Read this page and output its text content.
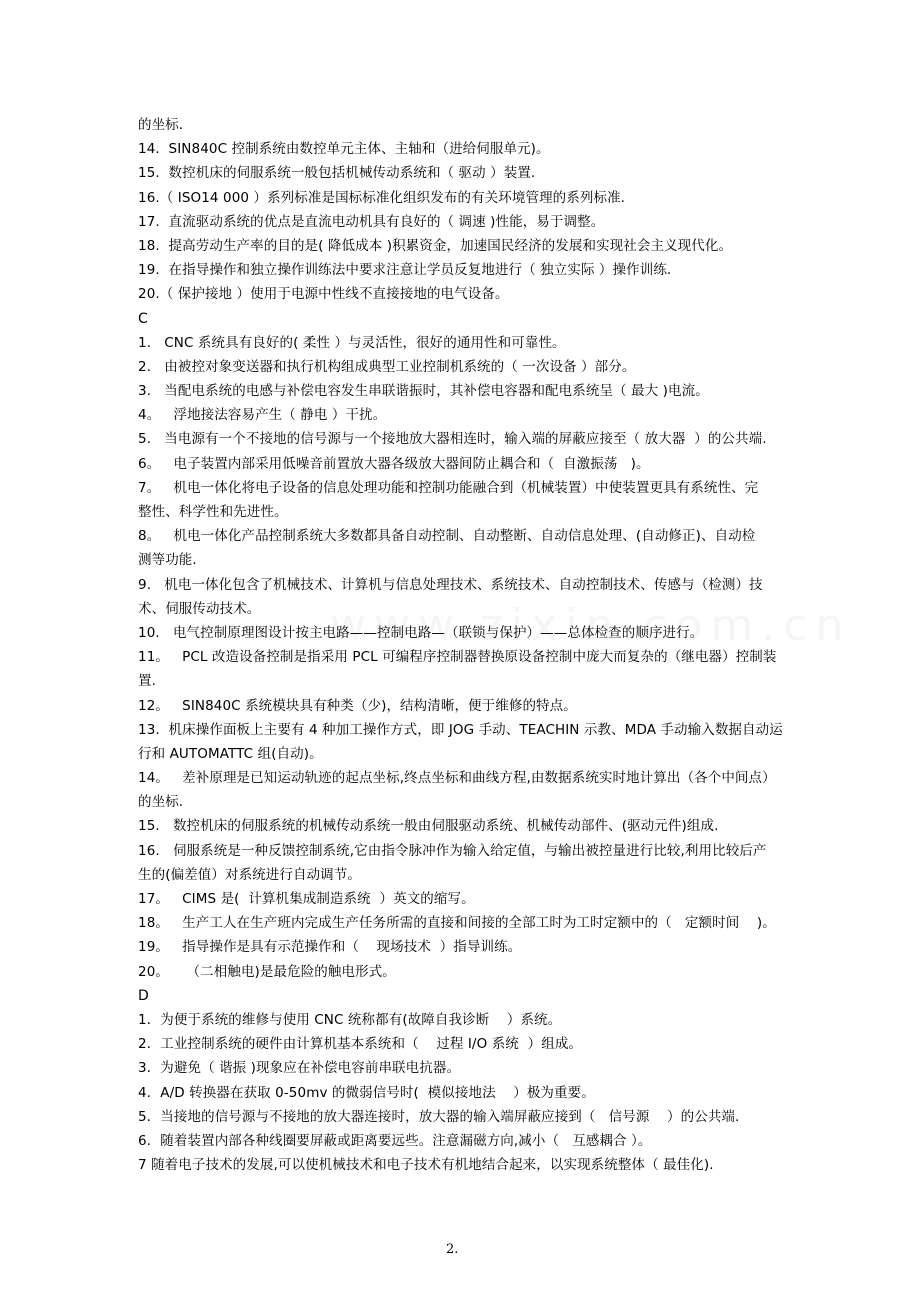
的坐标.
14.  SIN840C 控制系统由数控单元主体、主轴和（进给伺服单元)。
15.  数控机床的伺服系统一般包括机械传动系统和（ 驱动 ）装置.
16.（ ISO14 000 ）系列标准是国标标准化组织发布的有关环境管理的系列标准.
17.  直流驱动系统的优点是直流电动机具有良好的（ 调速 )性能，易于调整。
18.  提高劳动生产率的目的是( 降低成本 )积累资金，加速国民经济的发展和实现社会主义现代化。
19.  在指导操作和独立操作训练法中要求注意让学员反复地进行（ 独立实际 ）操作训练.
20.（ 保护接地 ）使用于电源中性线不直接接地的电气设备。
C
1.   CNC 系统具有良好的( 柔性 ）与灵活性，很好的通用性和可靠性。
2.   由被控对象变送器和执行机构组成典型工业控制机系统的（ 一次设备 ）部分。
3.   当配电系统的电感与补偿电容发生串联谐振时，其补偿电容器和配电系统呈（ 最大 )电流。
4。   浮地接法容易产生（ 静电 ）干扰。
5.   当电源有一个不接地的信号源与一个接地放大器相连时，输入端的屏蔽应接至（ 放大器  ）的公共端.
6。   电子装置内部采用低噪音前置放大器各级放大器间防止耦合和（  自激振荡   )。
7。   机电一体化将电子设备的信息处理功能和控制功能融合到（机械装置）中使装置更具有系统性、完
整性、科学性和先进性。
8。   机电一体化产品控制系统大多数都具备自动控制、自动整断、自动信息处理、(自动修正)、自动检
测等功能.
9.   机电一体化包含了机械技术、计算机与信息处理技术、系统技术、自动控制技术、传感与（检测）技
术、伺服传动技术。
10.   电气控制原理图设计按主电路——控制电路—（联锁与保护）——总体检查的顺序进行。
11。   PCL 改造设备控制是指采用 PCL 可编程序控制器替换原设备控制中庞大而复杂的（继电器）控制装
置.
12。   SIN840C 系统模块具有种类（少)，结构清晰，便于维修的特点。
13.  机床操作面板上主要有 4 种加工操作方式，即 JOG 手动、TEACHIN 示教、MDA 手动输入数据自动运
行和 AUTOMATTC 组(自动)。
14。   差补原理是已知运动轨迹的起点坐标,终点坐标和曲线方程,由数据系统实时地计算出（各个中间点）
的坐标.
15.   数控机床的伺服系统的机械传动系统一般由伺服驱动系统、机械传动部件、(驱动元件)组成.
16.   伺服系统是一种反馈控制系统,它由指令脉冲作为输入给定值，与输出被控量进行比较,利用比较后产
生的(偏差值）对系统进行自动调节。
17。   CIMS 是(  计算机集成制造系统  ）英文的缩写。
18。   生产工人在生产班内完成生产任务所需的直接和间接的全部工时为工时定额中的（   定额时间    )。
19。   指导操作是具有示范操作和（    现场技术  ）指导训练。
20。    （二相触电)是最危险的触电形式。
D
1．为便于系统的维修与使用 CNC 统称都有(故障自我诊断    ）系统。
2．工业控制系统的硬件由计算机基本系统和（    过程 I/O 系统  ）组成。
3．为避免（ 谐振 )现象应在补偿电容前串联电抗器。
4．A/D 转换器在获取 0-50mv 的微弱信号时(  模似接地法    ）极为重要。
5．当接地的信号源与不接地的放大器连接时，放大器的输入端屏蔽应接到（   信号源    ）的公共端.
6．随着装置内部各种线圈要屏蔽或距离要远些。注意漏磁方向,减小（   互感耦合 ）。
7 随着电子技术的发展,可以使机械技术和电子技术有机地结合起来，以实现系统整体（ 最佳化).
2.
